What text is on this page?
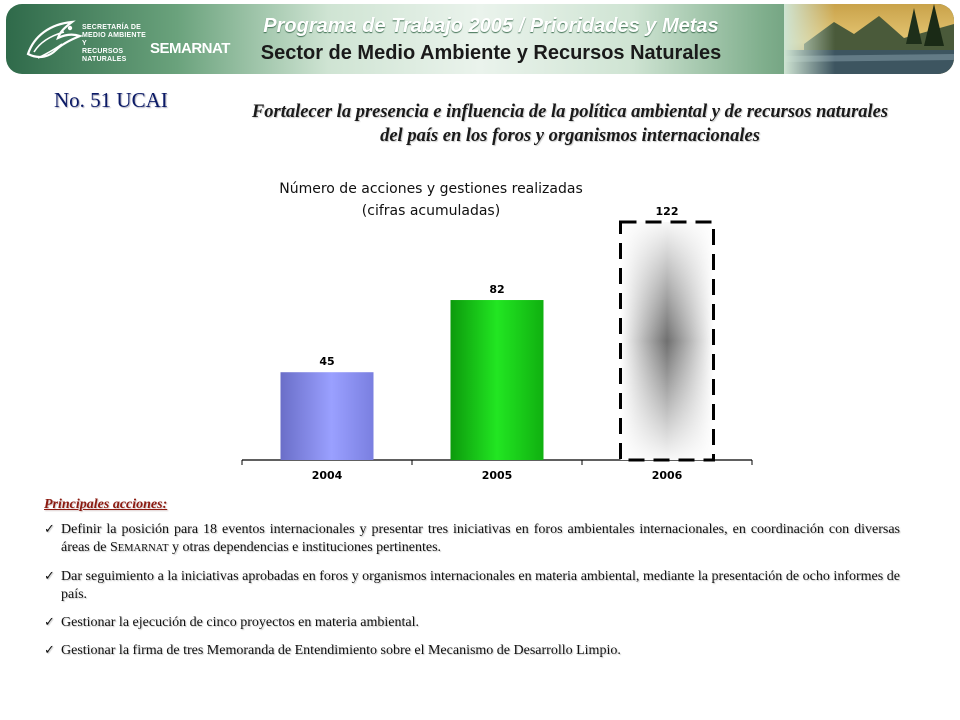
SECRETARÍA DE
MEDIO AMBIENTE Y
RECURSOS NATURALES
SEMARNAT
Programa de Trabajo 2005 / Prioridades y Metas
Sector de Medio Ambiente y Recursos Naturales
No. 51 UCAI	Fortalecer la presencia e influencia de la política ambiental y de recursos naturales del país en los foros y organismos internacionales
Número de acciones y gestiones realizadas
(cifras acumuladas)
45
2004
82
2005
122
2006
Principales acciones:
✓ Definir la posición para 18 eventos internacionales y presentar tres iniciativas en foros ambientales internacionales, en coordinación con diversas áreas de SEMARNAT y otras dependencias e instituciones pertinentes.
✓ Dar seguimiento a la iniciativas aprobadas en foros y organismos internacionales en materia ambiental, mediante la presentación de ocho informes de país.
✓ Gestionar la ejecución de cinco proyectos en materia ambiental.
✓ Gestionar la firma de tres Memoranda de Entendimiento sobre el Mecanismo de Desarrollo Limpio.
